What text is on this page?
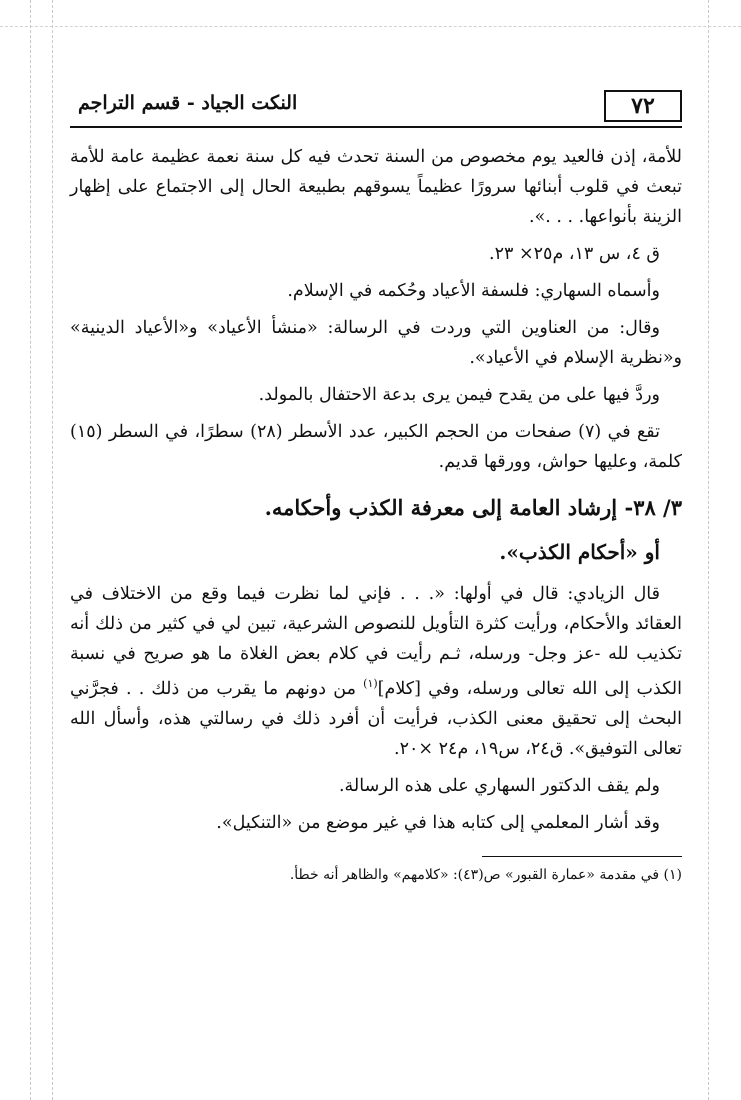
٧٢
النكت الجياد - قسم التراجم

للأمة، إذن فالعيد يوم مخصوص من السنة تحدث فيه كل سنة نعمة عظيمة عامة للأمة تبعث في قلوب أبنائها سرورًا عظيماً يسوقهم بطبيعة الحال إلى الاجتماع على إظهار الزينة بأنواعها. . . .».

ق ٤، س ١٣، م٢٥× ٢٣.

وأسماه السهاري: فلسفة الأعياد وحُكمه في الإسلام.

وقال: من العناوين التي وردت في الرسالة: «منشأ الأعياد» و«الأعياد الدينية» و«نظرية الإسلام في الأعياد».

وردَّ فيها على من يقدح فيمن يرى بدعة الاحتفال بالمولد.

تقع في (٧) صفحات من الحجم الكبير، عدد الأسطر (٢٨) سطرًا، في السطر (١٥) كلمة، وعليها حواش، وورقها قديم.

٣/ ٣٨- إرشاد العامة إلى معرفة الكذب وأحكامه.
أو «أحكام الكذب».

قال الزيادي: قال في أولها: «. . . فإني لما نظرت فيما وقع من الاختلاف في العقائد والأحكام، ورأيت كثرة التأويل للنصوص الشرعية، تبين لي في كثير من ذلك أنه تكذيب لله -عز وجل- ورسله، ثـم رأيت في كلام بعض الغلاة ما هو صريح في نسبة الكذب إلى الله تعالى ورسله، وفي [كلام]$^{(١)}$ من دونهم ما يقرب من ذلك . . فجرَّني البحث إلى تحقيق معنى الكذب، فرأيت أن أفرد ذلك في رسالتي هذه، وأسأل الله تعالى التوفيق». ق٢٤، س١٩، م٢٤ ×٢٠.

ولم يقف الدكتور السهاري على هذه الرسالة.

وقد أشار المعلمي إلى كتابه هذا في غير موضع من «التنكيل».

(١) في مقدمة «عمارة القبور» ص(٤٣): «كلامهم» والظاهر أنه خطأ.
